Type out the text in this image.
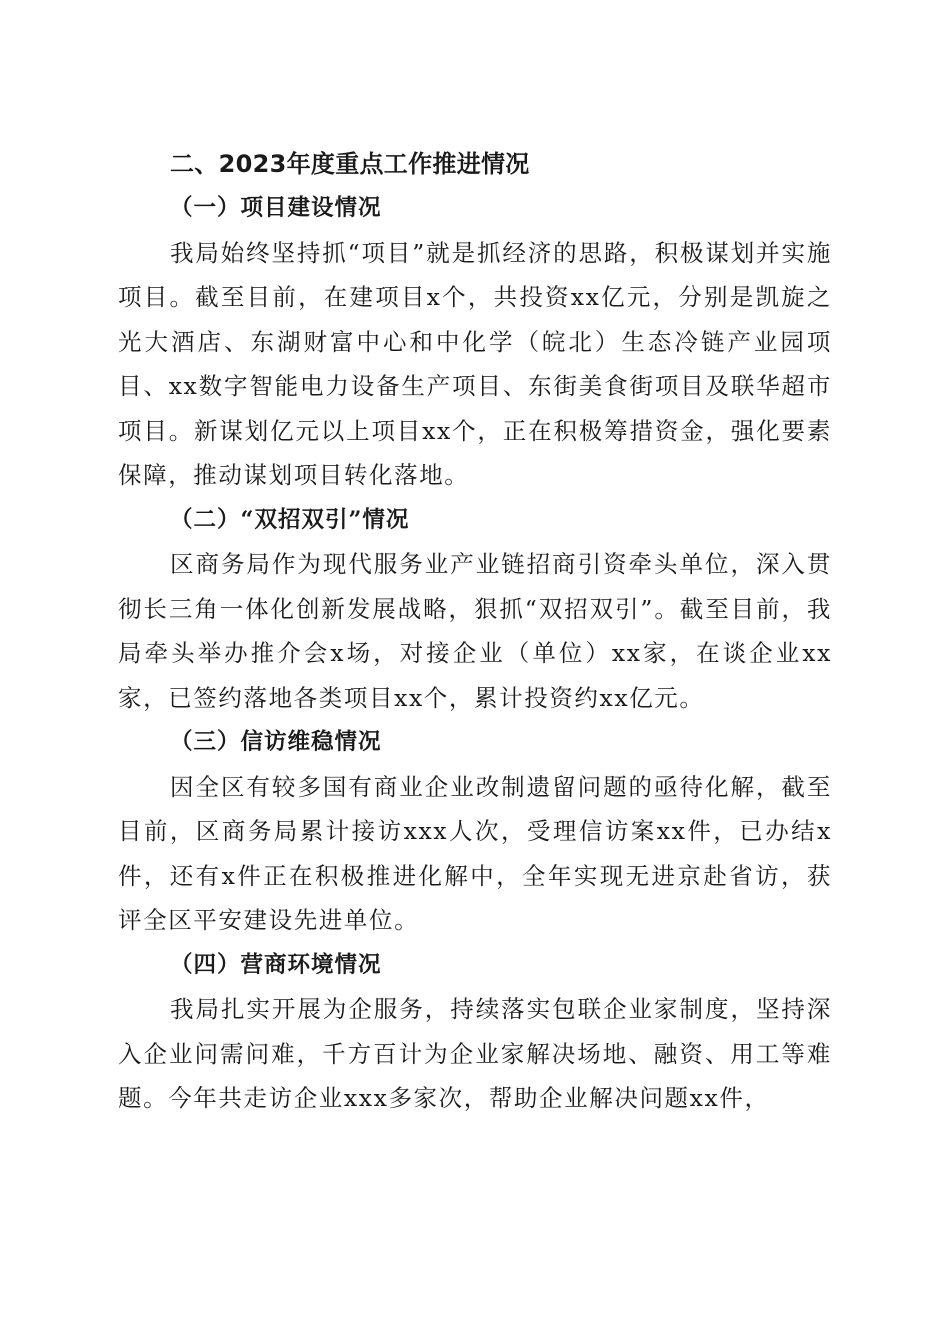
二、2023年度重点工作推进情况

（一）项目建设情况

我局始终坚持抓“项目”就是抓经济的思路，积极谋划并实施项目。截至目前，在建项目x个，共投资xx亿元，分别是凯旋之光大酒店、东湖财富中心和中化学（皖北）生态冷链产业园项目、xx数字智能电力设备生产项目、东街美食街项目及联华超市项目。新谋划亿元以上项目xx个，正在积极筹措资金，强化要素保障，推动谋划项目转化落地。

（二）“双招双引”情况

区商务局作为现代服务业产业链招商引资牵头单位，深入贯彻长三角一体化创新发展战略，狠抓“双招双引”。截至目前，我局牵头举办推介会x场，对接企业（单位）xx家，在谈企业xx家，已签约落地各类项目xx个，累计投资约xx亿元。

（三）信访维稳情况

因全区有较多国有商业企业改制遗留问题的亟待化解，截至目前，区商务局累计接访xxx人次，受理信访案xx件，已办结x件，还有x件正在积极推进化解中，全年实现无进京赴省访，获评全区平安建设先进单位。

（四）营商环境情况

我局扎实开展为企服务，持续落实包联企业家制度，坚持深入企业问需问难，千方百计为企业家解决场地、融资、用工等难题。今年共走访企业xxx多家次，帮助企业解决问题xx件，
